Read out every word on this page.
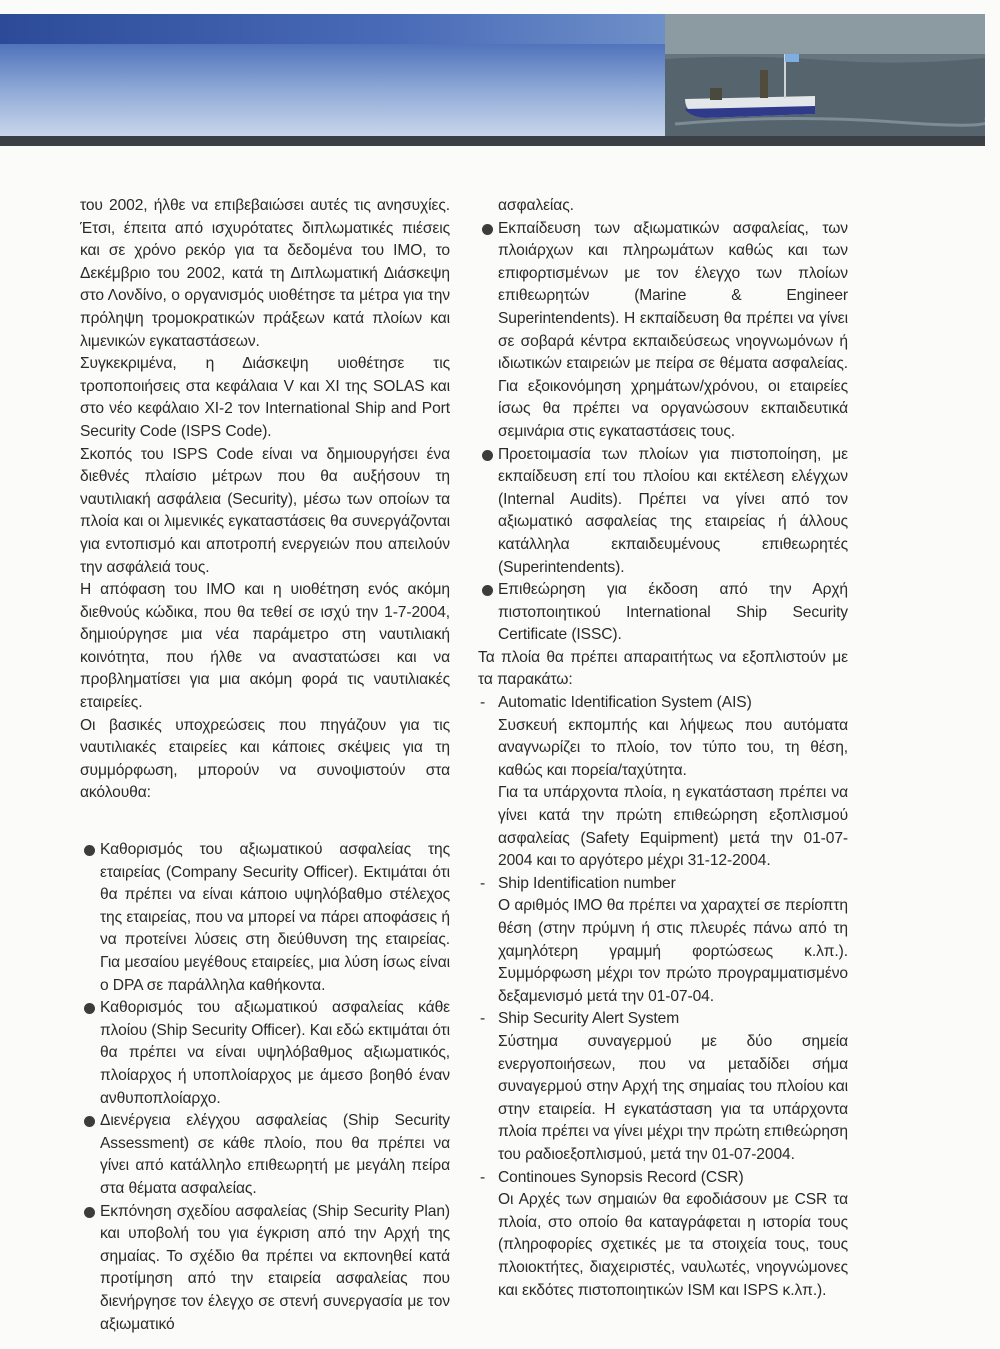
του 2002, ήλθε να επιβεβαιώσει αυτές τις ανησυχίες. Έτσι, έπειτα από ισχυρότατες διπλωματικές πιέσεις και σε χρόνο ρεκόρ για τα δεδομένα του ΙΜΟ, το Δεκέμβριο του 2002, κατά τη Διπλωματική Διάσκεψη στο Λονδίνο, ο οργανισμός υιοθέτησε τα μέτρα για την πρόληψη τρομοκρατικών πράξεων κατά πλοίων και λιμενικών εγκαταστάσεων.

Συγκεκριμένα, η Διάσκεψη υιοθέτησε τις τροποποιήσεις στα κεφάλαια V και XI της SOLAS και στο νέο κεφάλαιο XI-2 τον International Ship and Port Security Code (ISPS Code).

Σκοπός του ISPS Code είναι να δημιουργήσει ένα διεθνές πλαίσιο μέτρων που θα αυξήσουν τη ναυτιλιακή ασφάλεια (Security), μέσω των οποίων τα πλοία και οι λιμενικές εγκαταστάσεις θα συνεργάζονται για εντοπισμό και αποτροπή ενεργειών που απειλούν την ασφάλειά τους.

Η απόφαση του ΙΜΟ και η υιοθέτηση ενός ακόμη διεθνούς κώδικα, που θα τεθεί σε ισχύ την 1-7-2004, δημιούργησε μια νέα παράμετρο στη ναυτιλιακή κοινότητα, που ήλθε να αναστατώσει και να προβληματίσει για μια ακόμη φορά τις ναυτιλιακές εταιρείες.

Οι βασικές υποχρεώσεις που πηγάζουν για τις ναυτιλιακές εταιρείες και κάποιες σκέψεις για τη συμμόρφωση, μπορούν να συνοψιστούν στα ακόλουθα:

Καθορισμός του αξιωματικού ασφαλείας της εταιρείας (Company Security Officer). Εκτιμάται ότι θα πρέπει να είναι κάποιο υψηλόβαθμο στέλεχος της εταιρείας, που να μπορεί να πάρει αποφάσεις ή να προτείνει λύσεις στη διεύθυνση της εταιρείας. Για μεσαίου μεγέθους εταιρείες, μια λύση ίσως είναι ο DPA σε παράλληλα καθήκοντα.
Καθορισμός του αξιωματικού ασφαλείας κάθε πλοίου (Ship Security Officer). Και εδώ εκτιμάται ότι θα πρέπει να είναι υψηλόβαθμος αξιωματικός, πλοίαρχος ή υποπλοίαρχος με άμεσο βοηθό έναν ανθυποπλοίαρχο.
Διενέργεια ελέγχου ασφαλείας (Ship Security Assessment) σε κάθε πλοίο, που θα πρέπει να γίνει από κατάλληλο επιθεωρητή με μεγάλη πείρα στα θέματα ασφαλείας.
Εκπόνηση σχεδίου ασφαλείας (Ship Security Plan) και υποβολή του για έγκριση από την Αρχή της σημαίας. Το σχέδιο θα πρέπει να εκπονηθεί κατά προτίμηση από την εταιρεία ασφαλείας που διενήργησε τον έλεγχο σε στενή συνεργασία με τον αξιωματικό

ασφαλείας.

Εκπαίδευση των αξιωματικών ασφαλείας, των πλοιάρχων και πληρωμάτων καθώς και των επιφορτισμένων με τον έλεγχο των πλοίων επιθεωρητών (Marine & Engineer Superintendents). Η εκπαίδευση θα πρέπει να γίνει σε σοβαρά κέντρα εκπαιδεύσεως νηογνωμόνων ή ιδιωτικών εταιρειών με πείρα σε θέματα ασφαλείας. Για εξοικονόμηση χρημάτων/χρόνου, οι εταιρείες ίσως θα πρέπει να οργανώσουν εκπαιδευτικά σεμινάρια στις εγκαταστάσεις τους.
Προετοιμασία των πλοίων για πιστοποίηση, με εκπαίδευση επί του πλοίου και εκτέλεση ελέγχων (Internal Audits). Πρέπει να γίνει από τον αξιωματικό ασφαλείας της εταιρείας ή άλλους κατάλληλα εκπαιδευμένους επιθεωρητές (Superintendents).
Επιθεώρηση για έκδοση από την Αρχή πιστοποιητικού International Ship Security Certificate (ISSC).

Τα πλοία θα πρέπει απαραιτήτως να εξοπλιστούν με τα παρακάτω:

- Automatic Identification System (AIS)

Συσκευή εκπομπής και λήψεως που αυτόματα αναγνωρίζει το πλοίο, τον τύπο του, τη θέση, καθώς και πορεία/ταχύτητα.

Για τα υπάρχοντα πλοία, η εγκατάσταση πρέπει να γίνει κατά την πρώτη επιθεώρηση εξοπλισμού ασφαλείας (Safety Equipment) μετά την 01-07-2004 και το αργότερο μέχρι 31-12-2004.

- Ship Identification number

Ο αριθμός ΙΜΟ θα πρέπει να χαραχτεί σε περίοπτη θέση (στην πρύμνη ή στις πλευρές πάνω από τη χαμηλότερη γραμμή φορτώσεως κ.λπ.). Συμμόρφωση μέχρι τον πρώτο προγραμματισμένο δεξαμενισμό μετά την 01-07-04.

- Ship Security Alert System

Σύστημα συναγερμού με δύο σημεία ενεργοποιήσεων, που να μεταδίδει σήμα συναγερμού στην Αρχή της σημαίας του πλοίου και στην εταιρεία. Η εγκατάσταση για τα υπάρχοντα πλοία πρέπει να γίνει μέχρι την πρώτη επιθεώρηση του ραδιοεξοπλισμού, μετά την 01-07-2004.

- Continoues Synopsis Record (CSR)

Οι Αρχές των σημαιών θα εφοδιάσουν με CSR τα πλοία, στο οποίο θα καταγράφεται η ιστορία τους (πληροφορίες σχετικές με τα στοιχεία τους, τους πλοιοκτήτες, διαχειριστές, ναυλωτές, νηογνώμονες και εκδότες πιστοποιητικών ISM και ISPS κ.λπ.).
